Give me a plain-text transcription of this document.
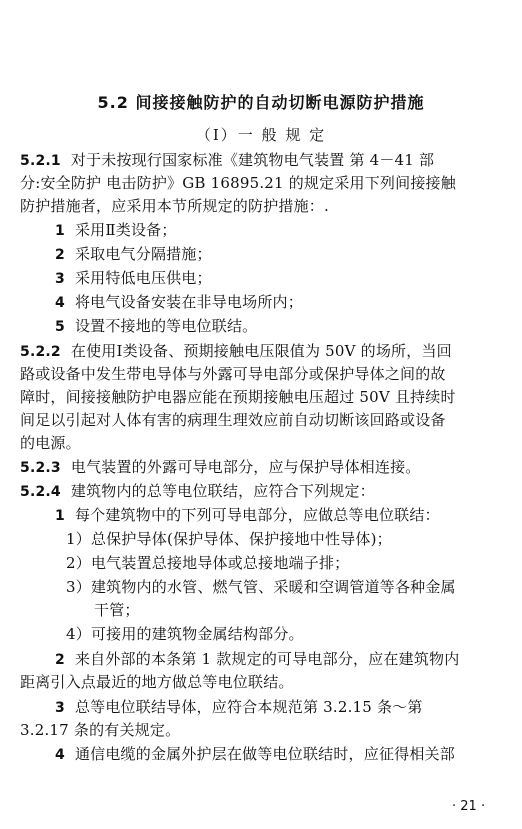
5.2 间接接触防护的自动切断电源防护措施
（Ⅰ）一 般 规 定
5.2.1 对于未按现行国家标准《建筑物电气装置 第 4－41 部
分:安全防护 电击防护》GB 16895.21 的规定采用下列间接接触
防护措施者，应采用本节所规定的防护措施：.
1 采用Ⅱ类设备；
2 采取电气分隔措施；
3 采用特低电压供电；
4 将电气设备安装在非导电场所内；
5 设置不接地的等电位联结。
5.2.2 在使用Ⅰ类设备、预期接触电压限值为 50V 的场所，当回
路或设备中发生带电导体与外露可导电部分或保护导体之间的故
障时，间接接触防护电器应能在预期接触电压超过 50V 且持续时
间足以引起对人体有害的病理生理效应前自动切断该回路或设备
的电源。
5.2.3 电气装置的外露可导电部分，应与保护导体相连接。
5.2.4 建筑物内的总等电位联结，应符合下列规定：
1 每个建筑物中的下列可导电部分，应做总等电位联结：
1）总保护导体(保护导体、保护接地中性导体)；
2）电气装置总接地导体或总接地端子排；
3）建筑物内的水管、燃气管、采暖和空调管道等各种金属
干管；
4）可接用的建筑物金属结构部分。
2 来自外部的本条第 1 款规定的可导电部分，应在建筑物内
距离引入点最近的地方做总等电位联结。
3 总等电位联结导体，应符合本规范第 3.2.15 条～第
3.2.17 条的有关规定。
4 通信电缆的金属外护层在做等电位联结时，应征得相关部
· 21 ·
